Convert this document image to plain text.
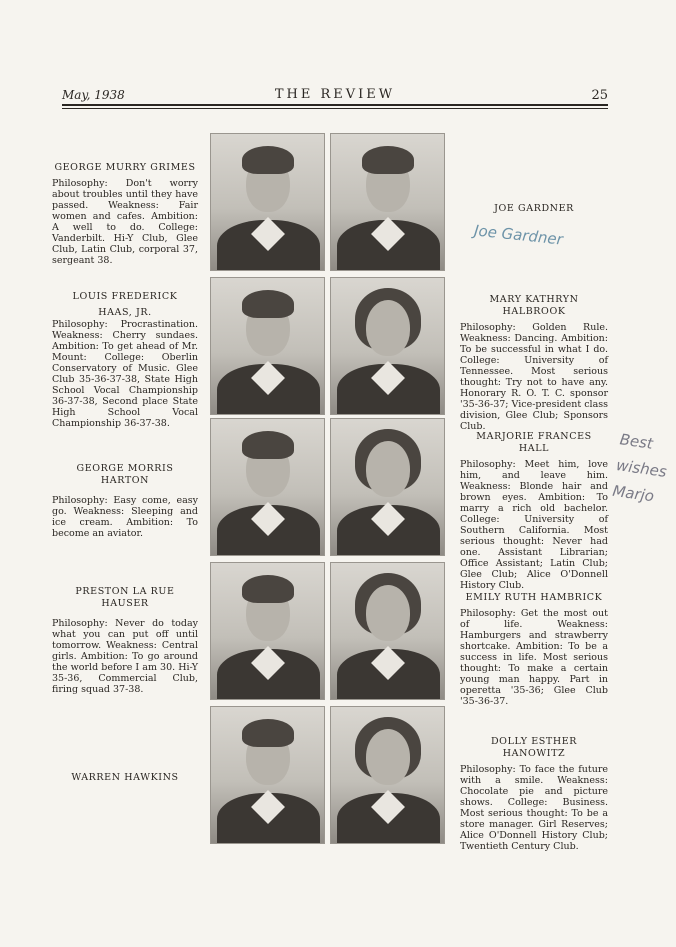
May, 1938	THE REVIEW	25
GEORGE MURRY GRIMES
Philosophy: Don't worry about troubles until they have passed. Weakness: Fair women and cafes. Ambition: A well to do. College: Vanderbilt. Hi-Y Club, Glee Club, Latin Club, corporal 37, sergeant 38.
JOE GARDNER
Joe Gardner
LOUIS FREDERICK
HAAS, JR.
Philosophy: Procrastination. Weakness: Cherry sundaes. Ambition: To get ahead of Mr. Mount: College: Oberlin Conservatory of Music. Glee Club 35-36-37-38, State High School Vocal Championship 36-37-38, Second place State High School Vocal Championship 36-37-38.
MARY KATHRYN
HALBROOK
Philosophy: Golden Rule. Weakness: Dancing. Ambition: To be successful in what I do. College: University of Tennessee. Most serious thought: Try not to have any. Honorary R. O. T. C. sponsor '35-36-37; Vice-president class division, Glee Club; Sponsors Club.
GEORGE MORRIS HARTON
Philosophy: Easy come, easy go. Weakness: Sleeping and ice cream. Ambition: To become an aviator.
MARJORIE FRANCES HALL
Philosophy: Meet him, love him, and leave him. Weakness: Blonde hair and brown eyes. Ambition: To marry a rich old bachelor. College: University of Southern California. Most serious thought: Never had one. Assistant Librarian; Office Assistant; Latin Club; Glee Club; Alice O'Donnell History Club.
Best
wishes
Marjo
PRESTON LA RUE HAUSER
Philosophy: Never do today what you can put off until tomorrow. Weakness: Central girls. Ambition: To go around the world before I am 30. Hi-Y 35-36, Commercial Club, firing squad 37-38.
EMILY RUTH HAMBRICK
Philosophy: Get the most out of life. Weakness: Hamburgers and strawberry shortcake. Ambition: To be a success in life. Most serious thought: To make a certain young man happy. Part in operetta '35-36; Glee Club '35-36-37.
WARREN HAWKINS
DOLLY ESTHER HANOWITZ
Philosophy: To face the future with a smile. Weakness: Chocolate pie and picture shows. College: Business. Most serious thought: To be a store manager. Girl Reserves; Alice O'Donnell History Club; Twentieth Century Club.
